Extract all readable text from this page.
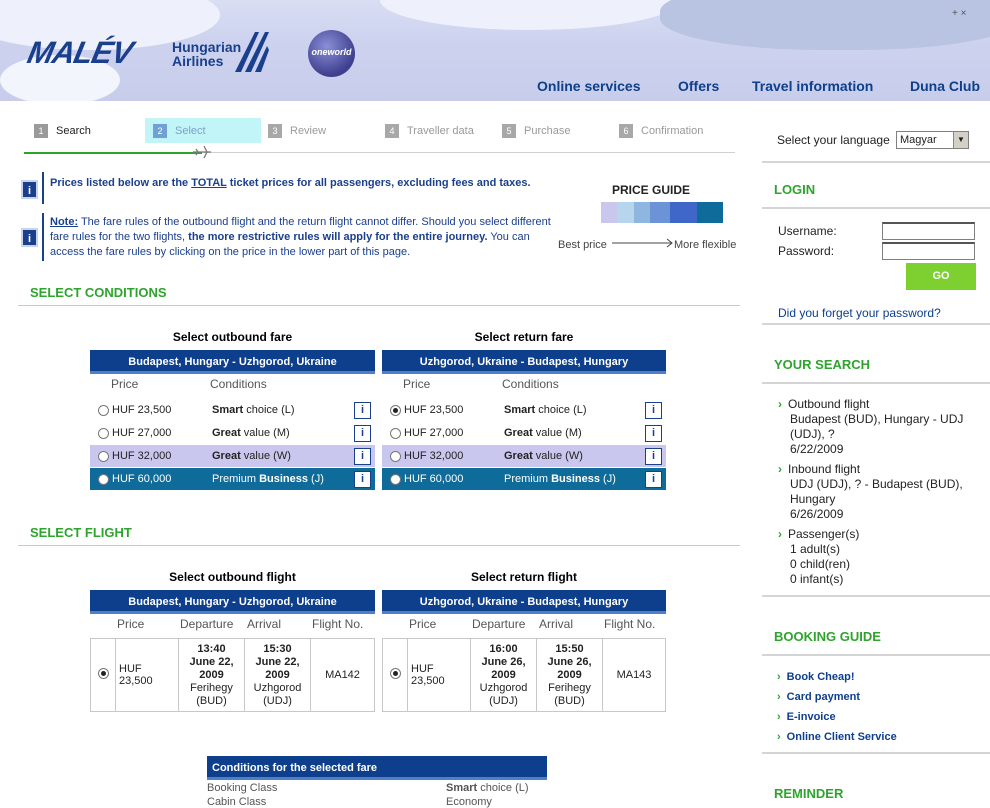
+ ×
MALÉV	Hungarian
Airlines
oneworld
Online services	Offers Travel information	Duna Club
1	Search	2	Select	3	Review	4	Traveller data	5	Purchase	6	Confirmation
i
Prices listed below are the TOTAL ticket prices for all passengers, excluding fees and taxes.
i
Note: The fare rules of the outbound flight and the return flight cannot differ. Should you select different fare rules for the two flights, the more restrictive rules will apply for the entire journey. You can access the fare rules by clicking on the price in the lower part of this page.
PRICE GUIDE
Best price	More flexible
SELECT CONDITIONS
Select outbound fare	Select return fare
Budapest, Hungary - Uzhgorod, Ukraine	Uzhgorod, Ukraine - Budapest, Hungary
Price	Conditions	Price	Conditions
HUF 23,500	Smart choice (L)	i
HUF 27,000	Great value (M)	i
HUF 32,000	Great value (W)	i
HUF 60,000	Premium Business (J)	i
HUF 23,500	Smart choice (L)	i
HUF 27,000	Great value (M)	i
HUF 32,000	Great value (W)	i
HUF 60,000	Premium Business (J)	i
SELECT FLIGHT
Select outbound flight	Select return flight
Budapest, Hungary - Uzhgorod, Ukraine	Uzhgorod, Ukraine - Budapest, Hungary
Price	Departure Arrival	Flight No.	Price	Departure Arrival	Flight No.
	HUF 23,500	13:40
June 22,
2009
Ferihegy
(BUD)	15:30
June 22,
2009
Uzhgorod
(UDJ)	MA142
		HUF 23,500	16:00
June 26,
2009
Uzhgorod
(UDJ)	15:50
June 26,
2009
Ferihegy
(BUD)	MA143
Conditions for the selected fare
Booking Class	Smart choice (L)
Cabin Class	Economy
Select your language Magyar	▼
LOGIN
Username:
Password:
GO
Did you forget your password?
YOUR SEARCH
› Outbound flight
Budapest (BUD), Hungary - UDJ
(UDJ), ?
6/22/2009
› Inbound flight
UDJ (UDJ), ? - Budapest (BUD),
Hungary
6/26/2009
› Passenger(s)
1 adult(s)
0 child(ren)
0 infant(s)
BOOKING GUIDE
› Book Cheap!
› Card payment
› E-invoice
› Online Client Service
REMINDER
